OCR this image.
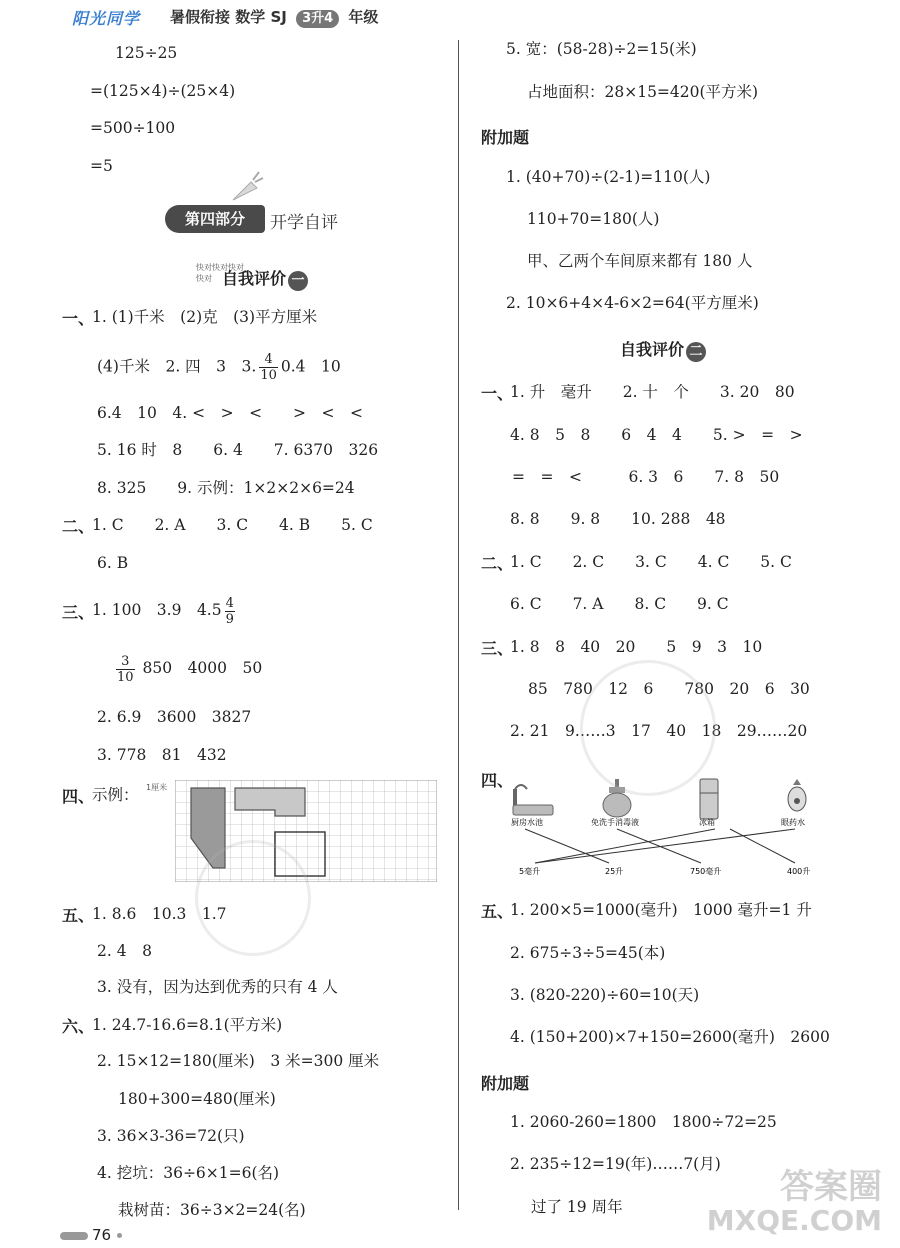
阳光同学 暑假衔接 数学 SJ 3升4 年级
125÷25
=(125×4)÷(25×4)
=500÷100
=5
第四部分	开学自评
快对快对快对
快对 自我评价 一
一、
1. (1)千米　(2)克　(3)平方厘米
(4)千米　2. 四　3　3. $\frac{4}{10} 0.4$　10
6.4　10　4. <　>　<　　>　<　<
5. 16 时　8　　6. 4　　7. 6370　326
8. 325　　9. 示例：1×2×2×6=24
二、
1. C　　2. A　　3. C　　4. B　　5. C
6. B
三、
1. 100　3.9　$4.5 \frac{4}{9}$
$\frac{3}{10} 850$　4000　50
2. 6.9　3600　3827
3. 778　81　432
四、
示例： 1厘米
五、
1. 8.6　10.3　1.7
2. 4　8
3. 没有，因为达到优秀的只有 4 人
六、
1. 24.7-16.6=8.1(平方米)
2. 15×12=180(厘米)　3 米=300 厘米
180+300=480(厘米)
3. 36×3-36=72(只)
4. 挖坑：36÷6×1=6(名)
栽树苗：36÷3×2=24(名)
5. 宽：(58-28)÷2=15(米)
占地面积：28×15=420(平方米)
附加题
1. (40+70)÷(2-1)=110(人)
110+70=180(人)
甲、乙两个车间原来都有 180 人
2. 10×6+4×4-6×2=64(平方厘米)
自我评价 二
一、
1. 升　毫升　　2. 十　个　　3. 20　80
4. 8　5　8　　6　4　4　　5. >　=　>
=　=　<　　　6. 3　6　　7. 8　50
8. 8　　9. 8　　10. 288　48
二、
1. C　　2. C　　3. C　　4. C　　5. C
6. C　　7. A　　8. C　　9. C
三、
1. 8　8　40　20　　5　9　3　10
85　780　12　6　　780　20　6　30
2. 21　9……3　17　40　18　29……20
四、
厨房水池	免洗手消毒液	冰箱	眼药水
5毫升	25升	750毫升	400升
五、
1. 200×5=1000(毫升)　1000 毫升=1 升
2. 675÷3÷5=45(本)
3. (820-220)÷60=10(天)
4. (150+200)×7+150=2600(毫升)　2600
附加题
1. 2060-260=1800　1800÷72=25
2. 235÷12=19(年)……7(月)
过了 19 周年
76
答案圈
MXQE.COM
